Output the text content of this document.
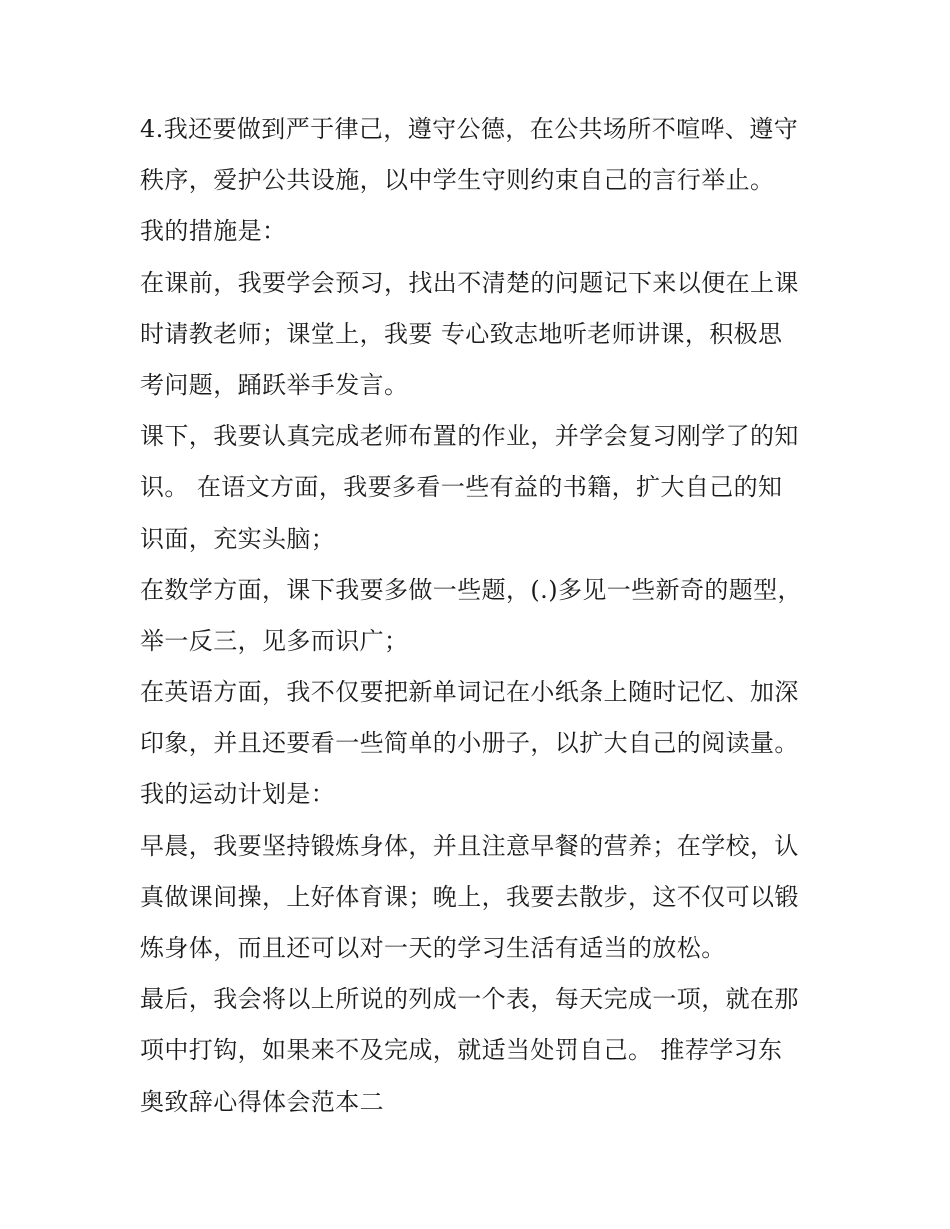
4.我还要做到严于律己，遵守公德，在公共场所不喧哗、遵守
秩序，爱护公共设施，以中学生守则约束自己的言行举止。
我的措施是：
在课前，我要学会预习，找出不清楚的问题记下来以便在上课
时请教老师；课堂上，我要 专心致志地听老师讲课，积极思
考问题，踊跃举手发言。
课下，我要认真完成老师布置的作业，并学会复习刚学了的知
识。 在语文方面，我要多看一些有益的书籍，扩大自己的知
识面，充实头脑；
在数学方面，课下我要多做一些题，(.)多见一些新奇的题型，
举一反三，见多而识广；
在英语方面，我不仅要把新单词记在小纸条上随时记忆、加深
印象，并且还要看一些简单的小册子，以扩大自己的阅读量。
我的运动计划是：
早晨，我要坚持锻炼身体，并且注意早餐的营养；在学校，认
真做课间操，上好体育课；晚上，我要去散步，这不仅可以锻
炼身体，而且还可以对一天的学习生活有适当的放松。
最后，我会将以上所说的列成一个表，每天完成一项，就在那
项中打钩，如果来不及完成，就适当处罚自己。 推荐学习东
奥致辞心得体会范本二
